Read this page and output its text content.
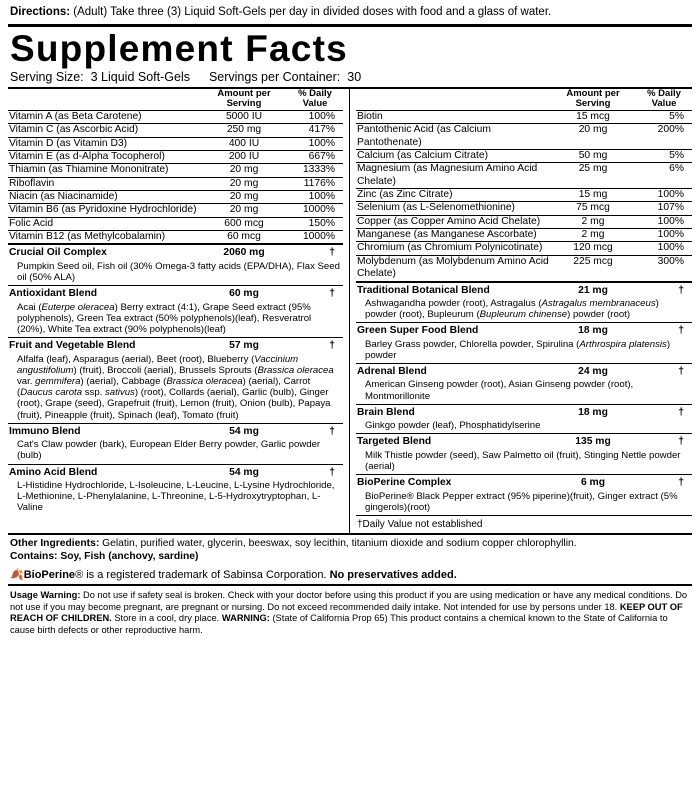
Directions: (Adult) Take three (3) Liquid Soft-Gels per day in divided doses with food and a glass of water.
Supplement Facts
Serving Size: 3 Liquid Soft-Gels Servings per Container: 30
	Amount per
Serving	% Daily
Value
Vitamin A (as Beta Carotene)	5000 IU	100%
Vitamin C (as Ascorbic Acid)	250 mg	417%
Vitamin D (as Vitamin D3)	400 IU	100%
Vitamin E (as d-Alpha Tocopherol)	200 IU	667%
Thiamin (as Thiamine Mononitrate)	20 mg	1333%
Riboflavin	20 mg	1176%
Niacin (as Niacinamide)	20 mg	100%
Vitamin B6 (as Pyridoxine Hydrochloride)	20 mg	1000%
Folic Acid	600 mcg	150%
Vitamin B12 (as Methylcobalamin)	60 mcg	1000%
Crucial Oil Complex	2060 mg	†
Pumpkin Seed oil, Fish oil (30% Omega-3 fatty acids (EPA/DHA), Flax Seed oil (50% ALA)
Antioxidant Blend	60 mg	†
Acai (Euterpe oleracea) Berry extract (4:1), Grape Seed extract (95% polyphenols), Green Tea extract (50% polyphenols)(leaf), Resveratrol (20%), White Tea extract (90% polyphenols)(leaf)
Fruit and Vegetable Blend	57 mg	†
Alfalfa (leaf), Asparagus (aerial), Beet (root), Blueberry (Vaccinium angustifolium) (fruit), Broccoli (aerial), Brussels Sprouts (Brassica oleracea var. gemmifera) (aerial), Cabbage (Brassica oleracea) (aerial), Carrot (Daucus carota ssp. sativus) (root), Collards (aerial), Garlic (bulb), Ginger (root), Grape (seed), Grapefruit (fruit), Lemon (fruit), Onion (bulb), Papaya (fruit), Pineapple (fruit), Spinach (leaf), Tomato (fruit)
Immuno Blend	54 mg	†
Cat's Claw powder (bark), European Elder Berry powder, Garlic powder (bulb)
Amino Acid Blend	54 mg	†
L-Histidine Hydrochloride, L-Isoleucine, L-Leucine, L-Lysine Hydrochloride, L-Methionine, L-Phenylalanine, L-Threonine, L-5-Hydroxytryptophan, L-Valine
	Amount per
Serving	% Daily
Value
Biotin	15 mcg	5%
Pantothenic Acid (as Calcium Pantothenate)	20 mg	200%
Calcium (as Calcium Citrate)	50 mg	5%
Magnesium (as Magnesium Amino Acid Chelate)	25 mg	6%
Zinc (as Zinc Citrate)	15 mg	100%
Selenium (as L-Selenomethionine)	75 mcg	107%
Copper (as Copper Amino Acid Chelate)	2 mg	100%
Manganese (as Manganese Ascorbate)	2 mg	100%
Chromium (as Chromium Polynicotinate)	120 mcg	100%
Molybdenum (as Molybdenum Amino Acid Chelate)	225 mcg	300%
Traditional Botanical Blend	21 mg	†
Ashwagandha powder (root), Astragalus (Astragalus membranaceus) powder (root), Bupleurum (Bupleurum chinense) powder (root)
Green Super Food Blend	18 mg	†
Barley Grass powder, Chlorella powder, Spirulina (Arthrospira platensis) powder
Adrenal Blend	24 mg	†
American Ginseng powder (root), Asian Ginseng powder (root), Montmorillonite
Brain Blend	18 mg	†
Ginkgo powder (leaf), Phosphatidylserine
Targeted Blend	135 mg	†
Milk Thistle powder (seed), Saw Palmetto oil (fruit), Stinging Nettle powder (aerial)
BioPerine Complex	6 mg	†
BioPerine® Black Pepper extract (95% piperine)(fruit), Ginger extract (5% gingerols)(root)
†Daily Value not established
Other Ingredients: Gelatin, purified water, glycerin, beeswax, soy lecithin, titanium dioxide and sodium copper chlorophyllin.
Contains: Soy, Fish (anchovy, sardine)
🍂BioPerine® is a registered trademark of Sabinsa Corporation. No preservatives added.
Usage Warning: Do not use if safety seal is broken. Check with your doctor before using this product if you are using medication or have any medical conditions. Do not use if you may become pregnant, are pregnant or nursing. Do not exceed recommended daily intake. Not intended for use by persons under 18. KEEP OUT OF REACH OF CHILDREN. Store in a cool, dry place. WARNING: (State of California Prop 65) This product contains a chemical known to the State of California to cause birth defects or other reproductive harm.
